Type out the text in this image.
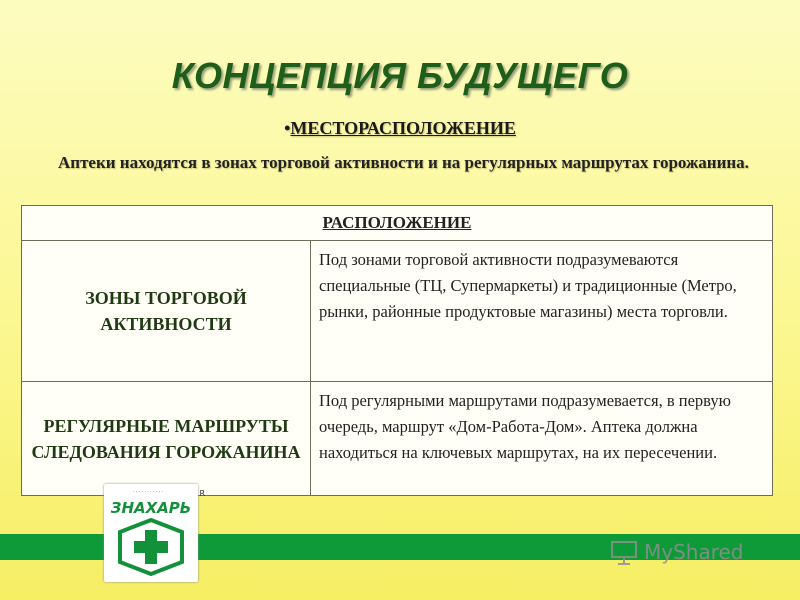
КОНЦЕПЦИЯ БУДУЩЕГО
•МЕСТОРАСПОЛОЖЕНИЕ
Аптеки находятся в зонах торговой активности и на регулярных маршрутах горожанина.
РАСПОЛОЖЕНИЕ	
ЗОНЫ ТОРГОВОЙ АКТИВНОСТИ	Под зонами торговой активности подразумеваются специальные (ТЦ, Супермаркеты) и традиционные (Метро, рынки, районные продуктовые магазины) места торговли.
РЕГУЛЯРНЫЕ МАРШРУТЫ СЛЕДОВАНИЯ ГОРОЖАНИНА	Под регулярными маршрутами подразумевается, в первую очередь, маршрут «Дом-Работа-Дом». Аптека должна находиться на ключевых маршрутах, на их пересечении.
· · · · · · · · · · ·	R
ЗНАХАРЬ
MyShared
